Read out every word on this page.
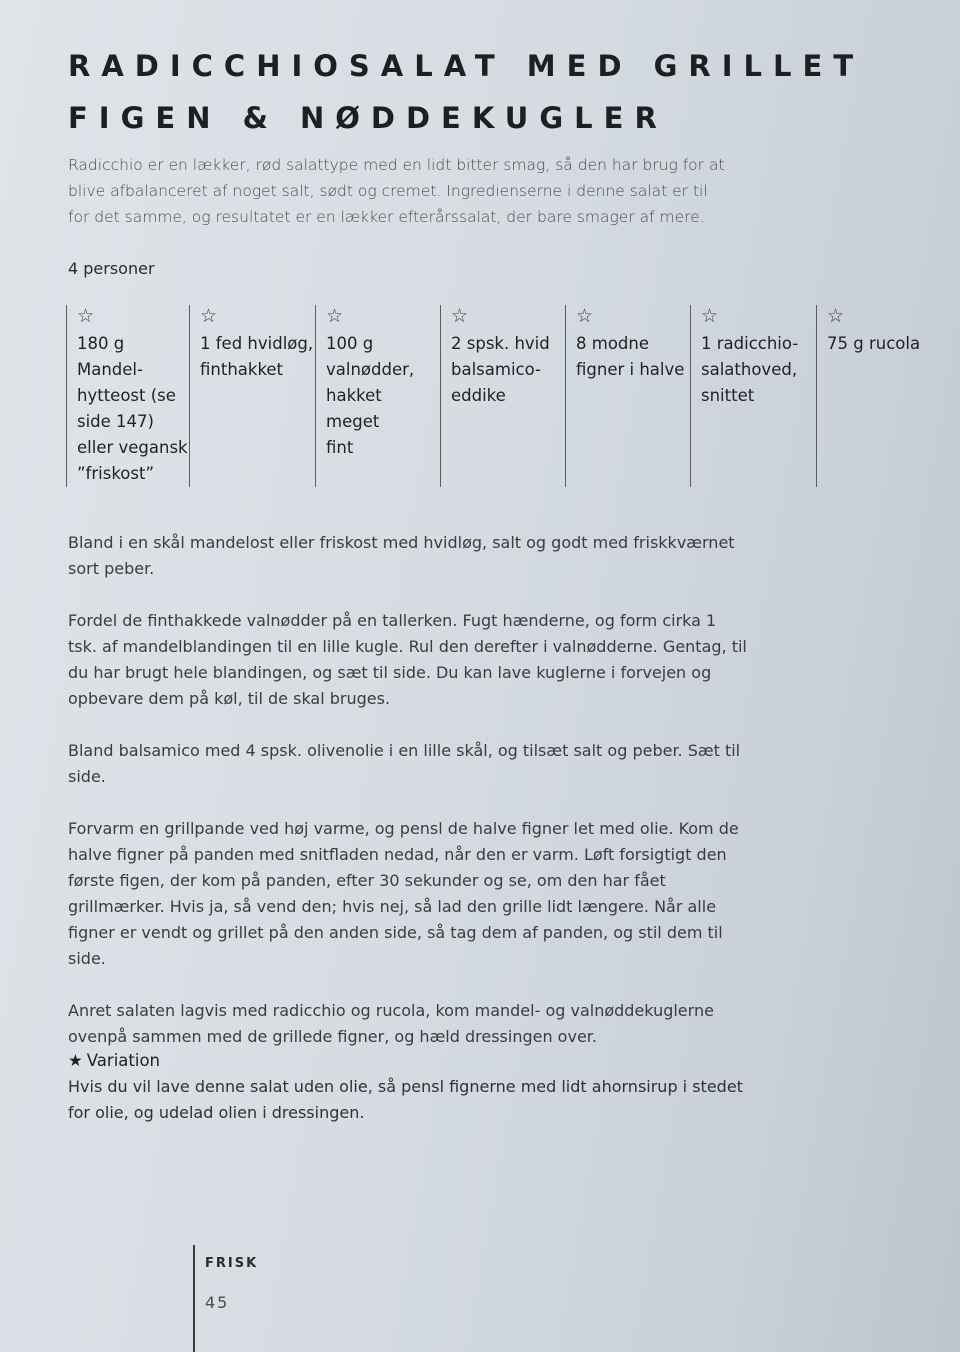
RADICCHIOSALAT MED GRILLET
FIGEN & NØDDEKUGLER

Radicchio er en lækker, rød salattype med en lidt bitter smag, så den har brug for at blive afbalanceret af noget salt, sødt og cremet. Ingredienserne i denne salat er til for det samme, og resultatet er en lækker efterårssalat, der bare smager af mere.

4 personer
☆
180 g
Mandel-
hytteost (se
side 147)
eller vegansk
”friskost”
☆
1 fed hvidløg,
finthakket
☆
100 g
valnødder,
hakket meget
fint
☆
2 spsk. hvid
balsamico-
eddike
☆
8 modne
figner i halve
☆
1 radicchio-
salathoved,
snittet
☆
75 g rucola

Bland i en skål mandelost eller friskost med hvidløg, salt og godt med friskkværnet sort peber.

Fordel de finthakkede valnødder på en tallerken. Fugt hænderne, og form cirka 1 tsk. af mandelblandingen til en lille kugle. Rul den derefter i valnødderne. Gentag, til du har brugt hele blandingen, og sæt til side. Du kan lave kuglerne i forvejen og opbevare dem på køl, til de skal bruges.

Bland balsamico med 4 spsk. olivenolie i en lille skål, og tilsæt salt og peber. Sæt til side.

Forvarm en grillpande ved høj varme, og pensl de halve figner let med olie. Kom de halve figner på panden med snitfladen nedad, når den er varm. Løft forsigtigt den første figen, der kom på panden, efter 30 sekunder og se, om den har fået grillmærker. Hvis ja, så vend den; hvis nej, så lad den grille lidt længere. Når alle figner er vendt og grillet på den anden side, så tag dem af panden, og stil dem til side.

Anret salaten lagvis med radicchio og rucola, kom mandel- og valnøddekuglerne ovenpå sammen med de grillede figner, og hæld dressingen over.

★ Variation
Hvis du vil lave denne salat uden olie, så pensl fignerne med lidt ahornsirup i stedet for olie, og udelad olien i dressingen.
FRISK
45
